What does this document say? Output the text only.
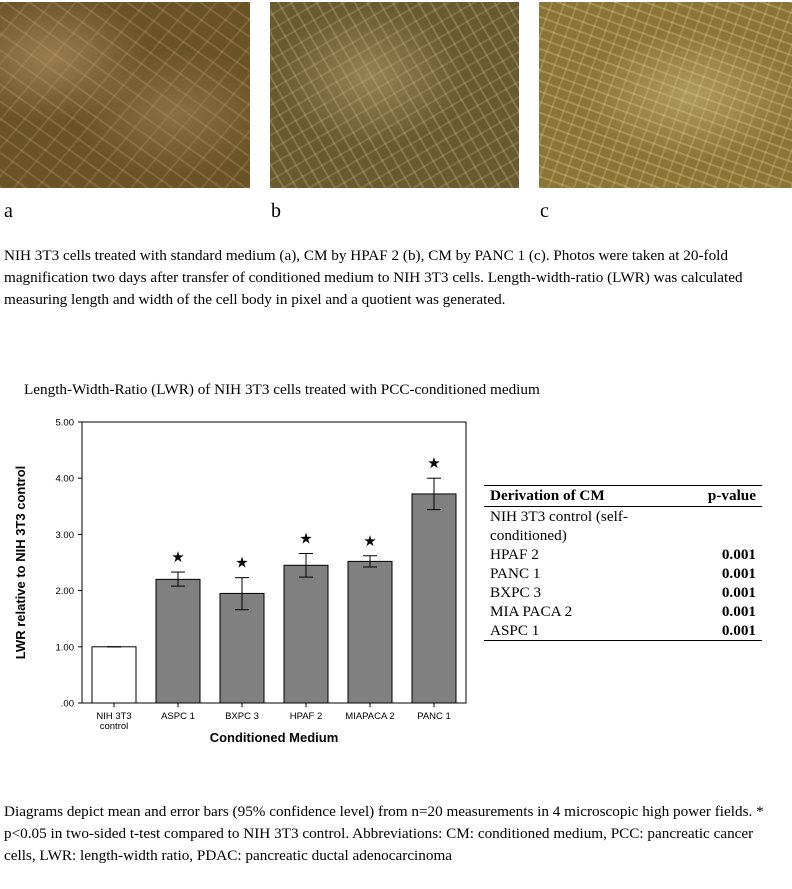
a	b	c

NIH 3T3 cells treated with standard medium (a), CM by HPAF 2 (b), CM by PANC 1 (c). Photos were taken at 20-fold magnification two days after transfer of conditioned medium to NIH 3T3 cells. Length-width-ratio (LWR) was calculated measuring length and width of the cell body in pixel and a quotient was generated.

Length-Width-Ratio (LWR) of NIH 3T3 cells treated with PCC-conditioned medium
.00
1.00
2.00
3.00
4.00
5.00
LWR relative to NIH 3T3 control
NIH 3T3
control
★
ASPC 1
★
BXPC 3
★
HPAF 2
★
MIAPACA 2
★
PANC 1
Conditioned Medium
Derivation of CM	p-value
NIH 3T3 control (self-conditioned)	
HPAF 2	0.001
PANC 1	0.001
BXPC 3	0.001
MIA PACA 2	0.001
ASPC 1	0.001

Diagrams depict mean and error bars (95% confidence level) from n=20 measurements in 4 microscopic high power fields. * p<0.05 in two-sided t-test compared to NIH 3T3 control. Abbreviations: CM: conditioned medium, PCC: pancreatic cancer cells, LWR: length-width ratio, PDAC: pancreatic ductal adenocarcinoma
